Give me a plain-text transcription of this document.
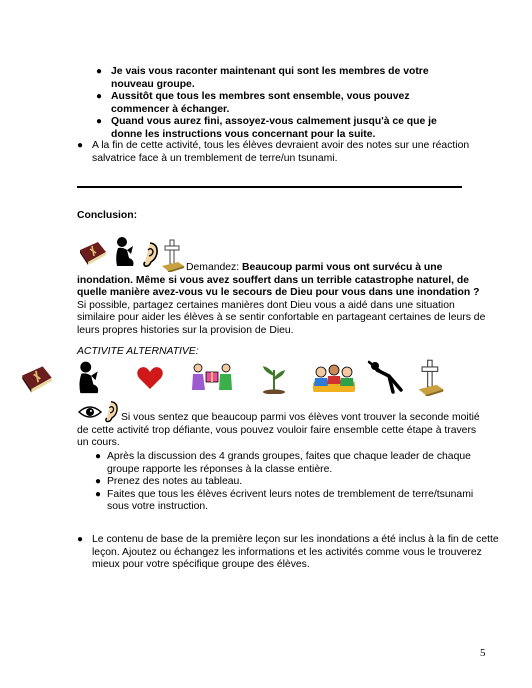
● Je vais vous raconter maintenant qui sont les membres de votre nouveau groupe.
● Aussitôt que tous les membres sont ensemble, vous pouvez commencer à échanger.
● Quand vous aurez fini, assoyez-vous calmement jusqu'à ce que je donne les instructions vous concernant pour la suite.
● A la fin de cette activité, tous les élèves devraient avoir des notes sur une réaction salvatrice face à un tremblement de terre/un tsunami.
Conclusion:
Demandez: Beaucoup parmi vous ont survécu à une inondation. Même si vous avez souffert dans un terrible catastrophe naturel, de quelle manière avez-vous vu le secours de Dieu pour vous dans une inondation ? Si possible, partagez certaines manières dont Dieu vous a aidé dans une situation similaire pour aider les élèves à se sentir confortable en partageant certaines de leurs de leurs propres histories sur la provision de Dieu.
ACTIVITE ALTERNATIVE:
Si vous sentez que beaucoup parmi vos élèves vont trouver la seconde moitié de cette activité trop défiante, vous pouvez vouloir faire ensemble cette étape à travers un cours.
● Après la discussion des 4 grands groupes, faites que chaque leader de chaque groupe rapporte les réponses à la classe entière.
● Prenez des notes au tableau.
● Faites que tous les élèves écrivent leurs notes de tremblement de terre/tsunami sous votre instruction.
● Le contenu de base de la première leçon sur les inondations a été inclus à la fin de cette leçon. Ajoutez ou échangez les informations et les activités comme vous le trouverez mieux pour votre spécifique groupe des élèves.
5
